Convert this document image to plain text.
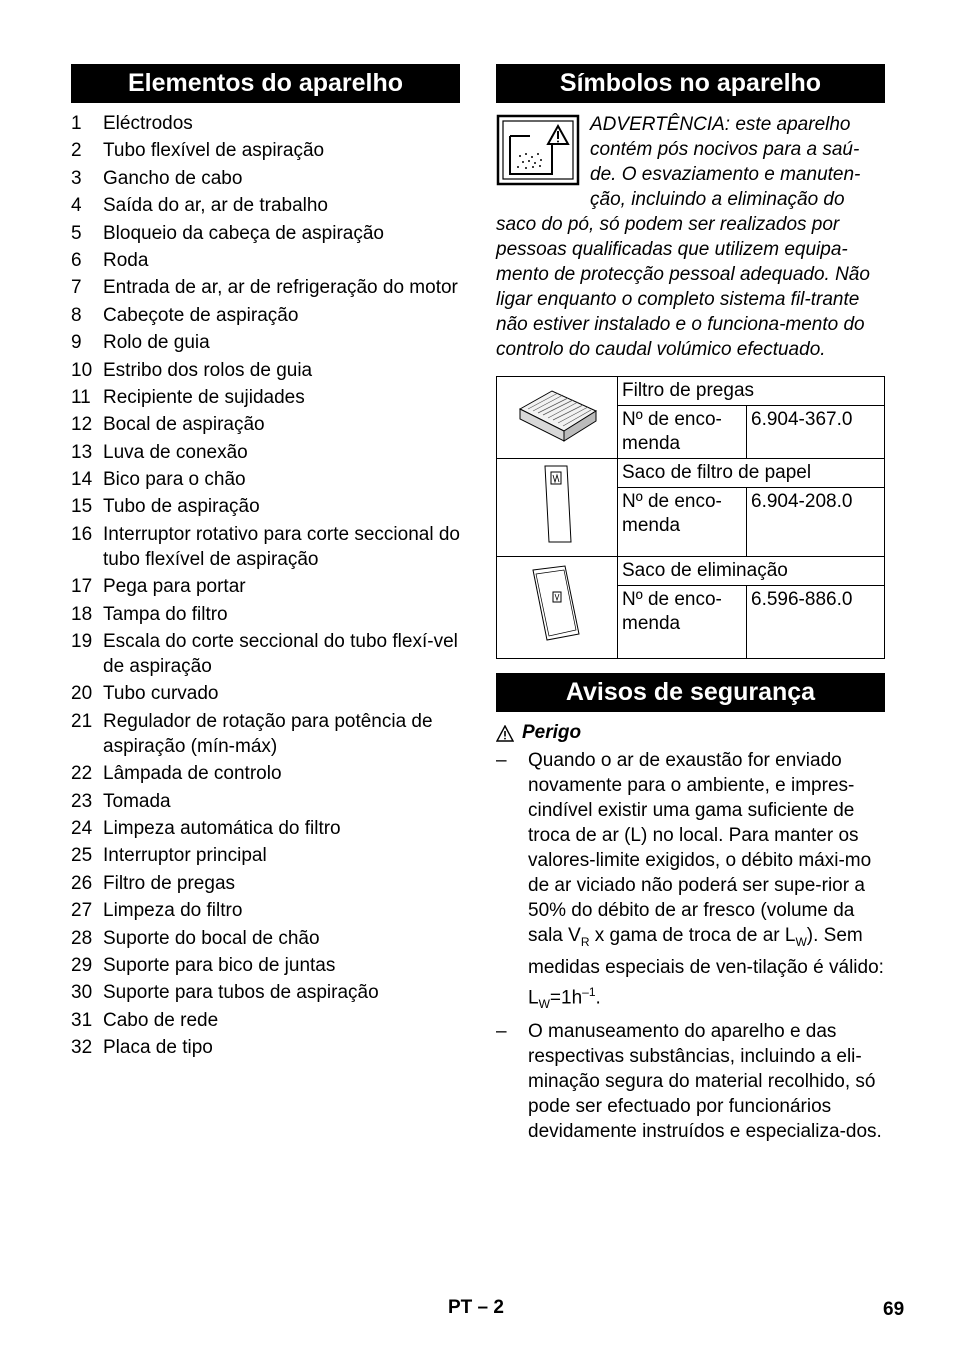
Elementos do aparelho
1	Eléctrodos
2	Tubo flexível de aspiração
3	Gancho de cabo
4	Saída do ar, ar de trabalho
5	Bloqueio da cabeça de aspiração
6	Roda
7	Entrada de ar, ar de refrigeração do motor
8	Cabeçote de aspiração
9	Rolo de guia
10 Estribo dos rolos de guia
11 Recipiente de sujidades
12 Bocal de aspiração
13 Luva de conexão
14 Bico para o chão
15 Tubo de aspiração
16 Interruptor rotativo para corte seccional do tubo flexível de aspiração
17 Pega para portar
18 Tampa do filtro
19 Escala do corte seccional do tubo flexí-vel de aspiração
20 Tubo curvado
21 Regulador de rotação para potência de aspiração (mín-máx)
22 Lâmpada de controlo
23 Tomada
24 Limpeza automática do filtro
25 Interruptor principal
26 Filtro de pregas
27 Limpeza do filtro
28 Suporte do bocal de chão
29 Suporte para bico de juntas
30 Suporte para tubos de aspiração
31 Cabo de rede
32 Placa de tipo
Símbolos no aparelho
ADVERTÊNCIA: este aparelho contém pós nocivos para a saú-de. O esvaziamento e manuten-ção, incluindo a eliminação do saco do pó, só podem ser realizados por pessoas qualificadas que utilizem equipa-mento de protecção pessoal adequado. Não ligar enquanto o completo sistema fil-trante não estiver instalado e o funciona-mento do controlo do caudal volúmico efectuado.
	Filtro de pregas	
	Nº de enco-menda	6.904-367.0
	Saco de filtro de papel	
	Nº de enco-menda	6.904-208.0
	Saco de eliminação	
	Nº de enco-menda	6.596-886.0
Avisos de segurança
Perigo
–	Quando o ar de exaustão for enviado novamente para o ambiente, e impres-cindível existir uma gama suficiente de troca de ar (L) no local. Para manter os valores-limite exigidos, o débito máxi-mo de ar viciado não poderá ser supe-rior a 50% do débito de ar fresco (volume da sala $V_R$ x gama de troca de ar $L_W$). Sem medidas especiais de ven-tilação é válido: $L_W=1h^{-1}$.
–	O manuseamento do aparelho e das respectivas substâncias, incluindo a eli-minação segura do material recolhido, só pode ser efectuado por funcionários devidamente instruídos e especializa-dos.
PT – 2	69
